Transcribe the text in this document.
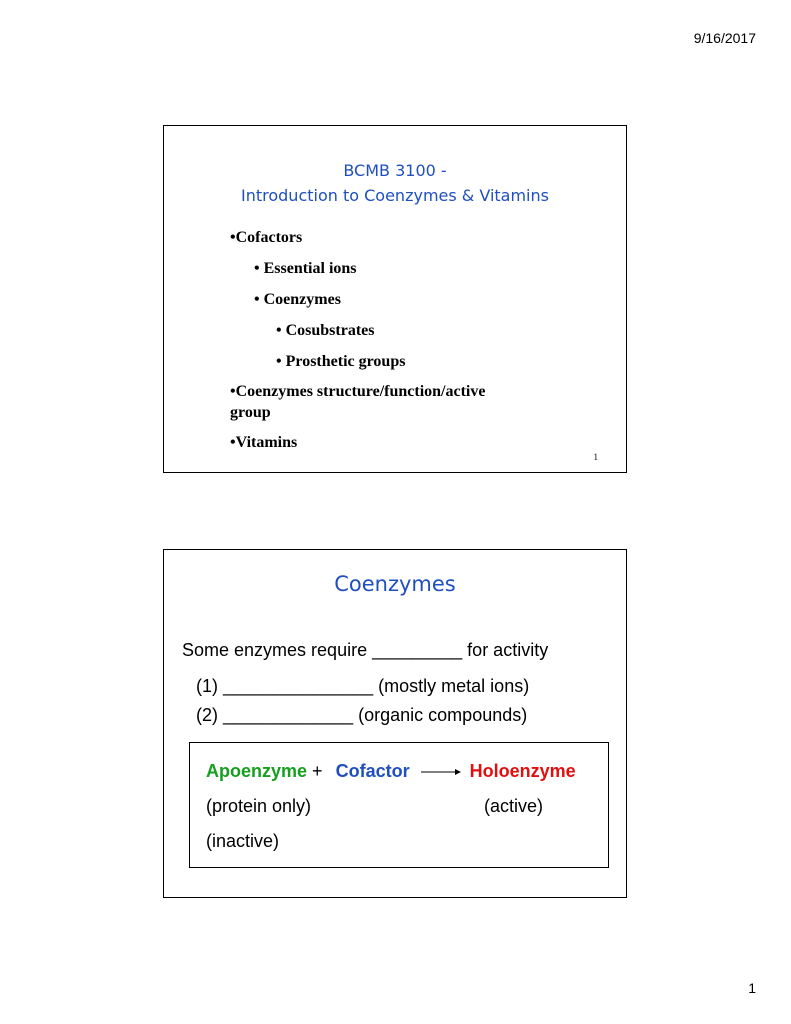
9/16/2017
BCMB 3100 -
Introduction to Coenzymes & Vitamins
•Cofactors
• Essential ions
• Coenzymes
• Cosubstrates
• Prosthetic groups
•Coenzymes structure/function/active group
•Vitamins
1
Coenzymes
Some enzymes require _________ for activity
(1) _______________ (mostly metal ions)
(2) _____________ (organic compounds)
Apoenzyme + Cofactor → Holoenzyme
(protein only)	(active)
(inactive)
1
